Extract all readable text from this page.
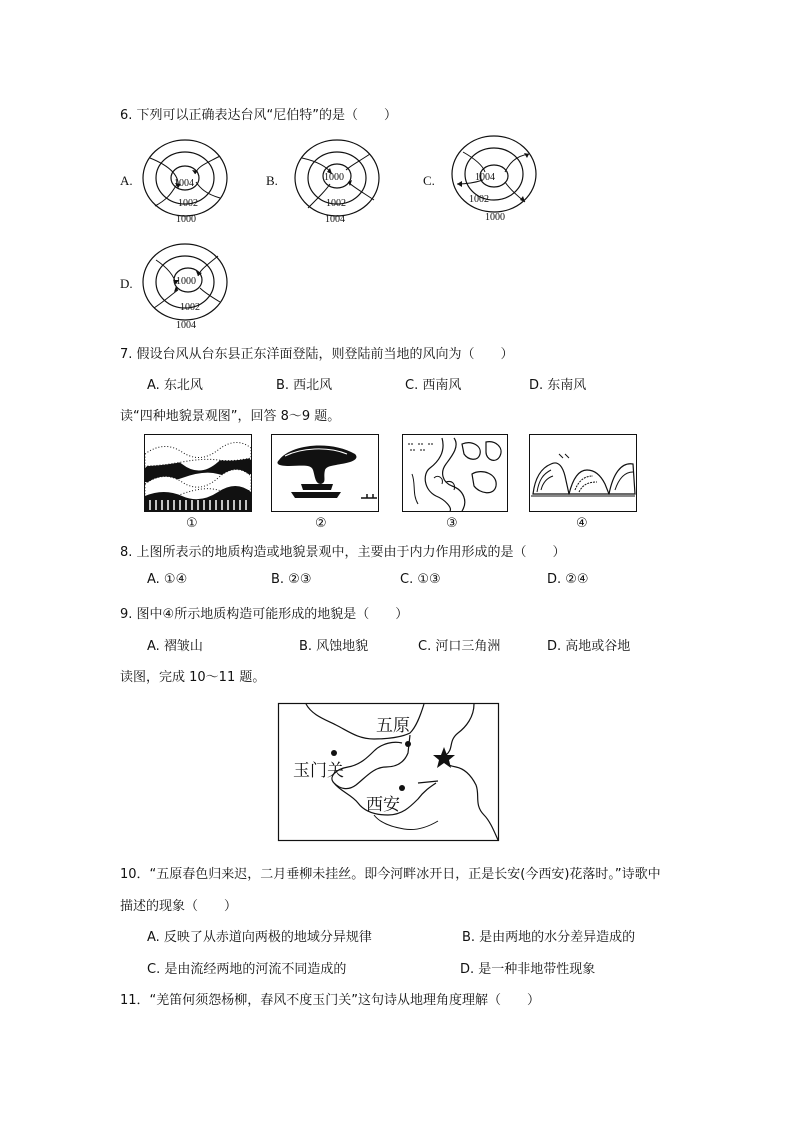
6. 下列可以正确表达台风“尼伯特”的是（　　）
A.	1004
1002
1000
B.	1000
1002
1004
C.	1004
1002
1000
D.	1000
1002
1004
7. 假设台风从台东县正东洋面登陆，则登陆前当地的风向为（　　）
A. 东北风	B. 西北风	C. 西南风	D. 东南风
读“四种地貌景观图”，回答 8～9 题。
①	②	③	④
8. 上图所表示的地质构造或地貌景观中，主要由于内力作用形成的是（　　）
A. ①④	B. ②③	C. ①③	D. ②④
9. 图中④所示地质构造可能形成的地貌是（　　）
A. 褶皱山	B. 风蚀地貌	C. 河口三角洲	D. 高地或谷地
读图，完成 10～11 题。
五原
玉门关
西安
10．“五原春色归来迟，二月垂柳未挂丝。即今河畔冰开日，正是长安(今西安)花落时。”诗歌中
描述的现象（　　）
A. 反映了从赤道向两极的地域分异规律	B. 是由两地的水分差异造成的
C. 是由流经两地的河流不同造成的	D. 是一种非地带性现象
11．“羌笛何须怨杨柳，春风不度玉门关”这句诗从地理角度理解（　　）
